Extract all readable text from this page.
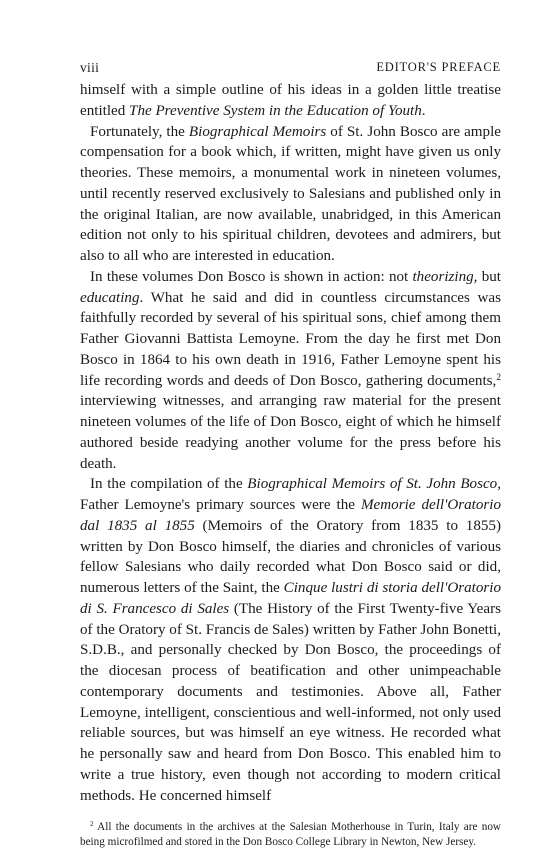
viii	EDITOR'S PREFACE

himself with a simple outline of his ideas in a golden little treatise entitled The Preventive System in the Education of Youth.

Fortunately, the Biographical Memoirs of St. John Bosco are ample compensation for a book which, if written, might have given us only theories. These memoirs, a monumental work in nineteen volumes, until recently reserved exclusively to Salesians and published only in the original Italian, are now available, unabridged, in this American edition not only to his spiritual children, devotees and admirers, but also to all who are interested in education.

In these volumes Don Bosco is shown in action: not theorizing, but educating. What he said and did in countless circumstances was faithfully recorded by several of his spiritual sons, chief among them Father Giovanni Battista Lemoyne. From the day he first met Don Bosco in 1864 to his own death in 1916, Father Lemoyne spent his life recording words and deeds of Don Bosco, gathering documents,$^2$ interviewing witnesses, and arranging raw material for the present nineteen volumes of the life of Don Bosco, eight of which he himself authored beside readying another volume for the press before his death.

In the compilation of the Biographical Memoirs of St. John Bosco, Father Lemoyne's primary sources were the Memorie dell'Oratorio dal 1835 al 1855 (Memoirs of the Oratory from 1835 to 1855) written by Don Bosco himself, the diaries and chronicles of various fellow Salesians who daily recorded what Don Bosco said or did, numerous letters of the Saint, the Cinque lustri di storia dell'Oratorio di S. Francesco di Sales (The History of the First Twenty-five Years of the Oratory of St. Francis de Sales) written by Father John Bonetti, S.D.B., and personally checked by Don Bosco, the proceedings of the diocesan process of beatification and other unimpeachable contemporary documents and testimonies. Above all, Father Lemoyne, intelligent, conscientious and well-informed, not only used reliable sources, but was himself an eye witness. He recorded what he personally saw and heard from Don Bosco. This enabled him to write a true history, even though not according to modern critical methods. He concerned himself

$^2$ All the documents in the archives at the Salesian Motherhouse in Turin, Italy are now being microfilmed and stored in the Don Bosco College Library in Newton, New Jersey.
